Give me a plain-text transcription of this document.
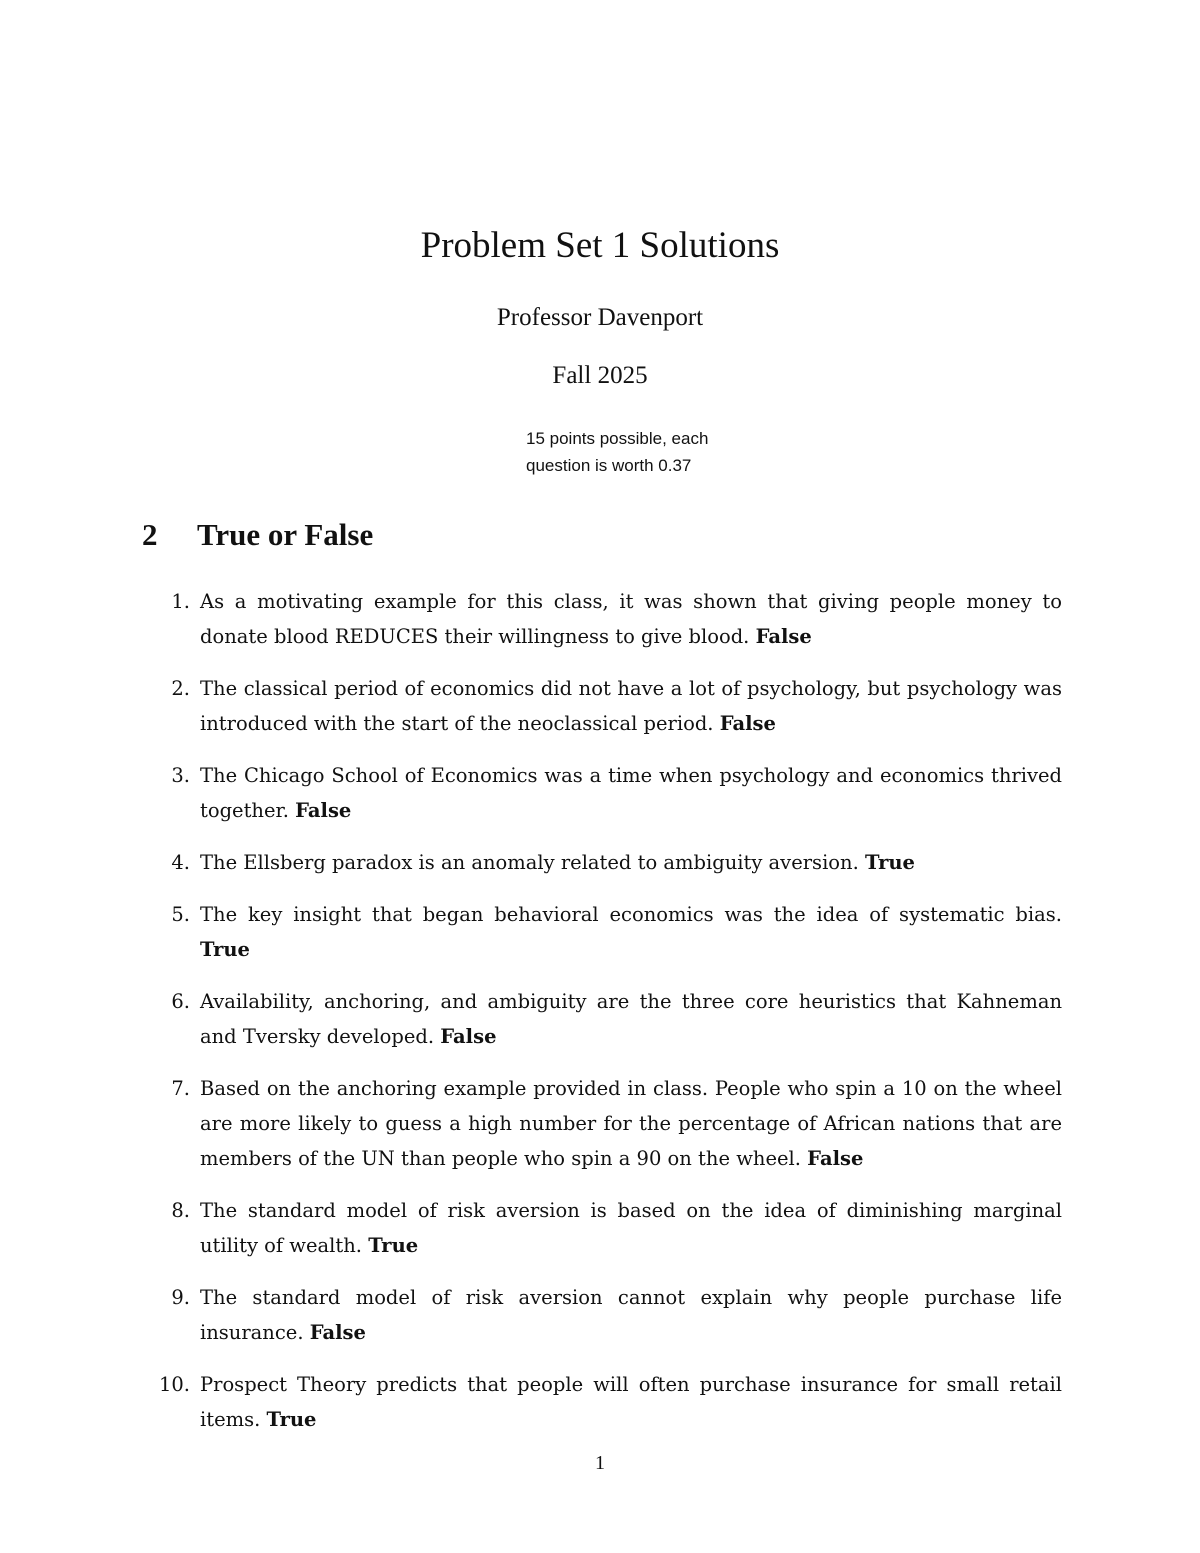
Problem Set 1 Solutions
Professor Davenport
Fall 2025
15 points possible, each
question is worth 0.37
2 True or False
1. As a motivating example for this class, it was shown that giving people money to donate blood REDUCES their willingness to give blood. False
2. The classical period of economics did not have a lot of psychology, but psychology was introduced with the start of the neoclassical period. False
3. The Chicago School of Economics was a time when psychology and economics thrived together. False
4. The Ellsberg paradox is an anomaly related to ambiguity aversion. True
5. The key insight that began behavioral economics was the idea of systematic bias. True
6. Availability, anchoring, and ambiguity are the three core heuristics that Kahneman and Tversky developed. False
7. Based on the anchoring example provided in class. People who spin a 10 on the wheel are more likely to guess a high number for the percentage of African nations that are members of the UN than people who spin a 90 on the wheel. False
8. The standard model of risk aversion is based on the idea of diminishing marginal utility of wealth. True
9. The standard model of risk aversion cannot explain why people purchase life insurance. False
10. Prospect Theory predicts that people will often purchase insurance for small retail items. True
1
